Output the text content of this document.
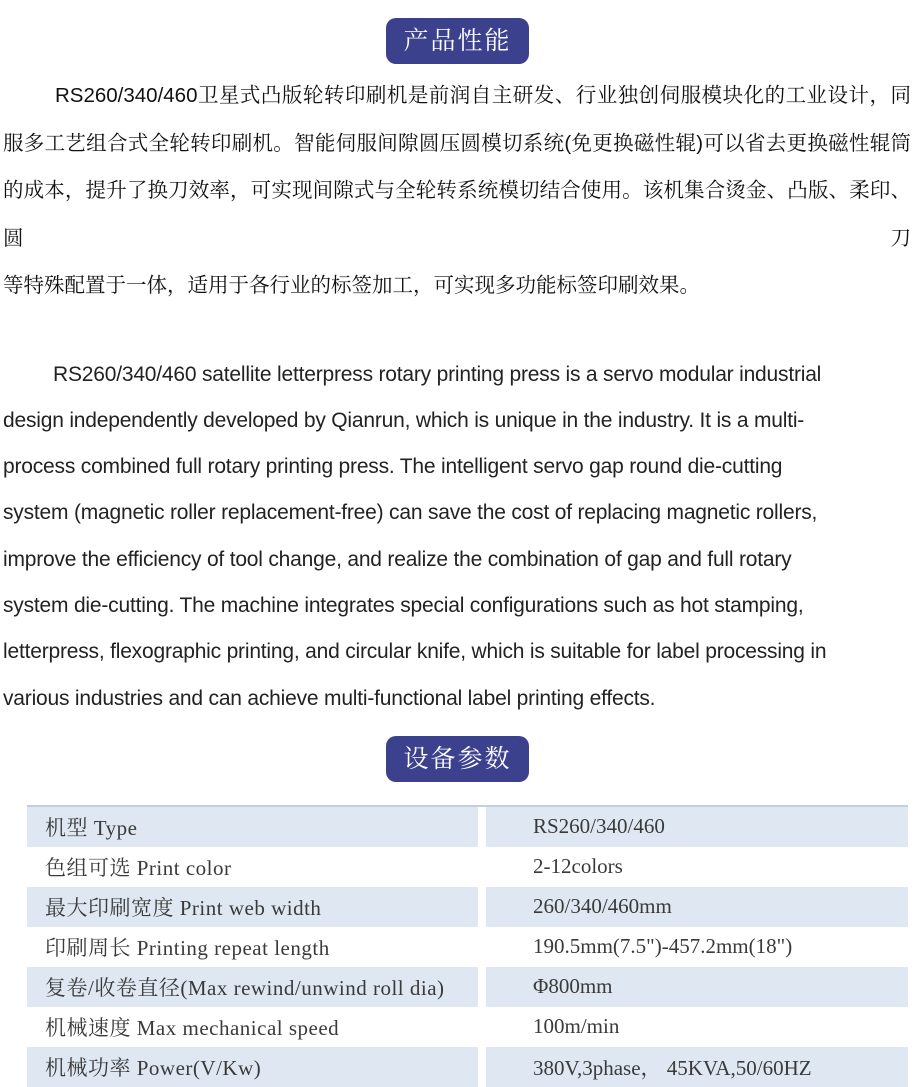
产品性能
RS260/340/460卫星式凸版轮转印刷机是前润自主研发、行业独创伺服模块化的工业设计，同
服多工艺组合式全轮转印刷机。智能伺服间隙圆压圆模切系统(免更换磁性辊)可以省去更换磁性辊筒
的成本，提升了换刀效率，可实现间隙式与全轮转系统模切结合使用。该机集合烫金、凸版、柔印、圆刀
等特殊配置于一体，适用于各行业的标签加工，可实现多功能标签印刷效果。
RS260/340/460 satellite letterpress rotary printing press is a servo modular industrial
design independently developed by Qianrun, which is unique in the industry. It is a multi-
process combined full rotary printing press. The intelligent servo gap round die-cutting
system (magnetic roller replacement-free) can save the cost of replacing magnetic rollers,
improve the efficiency of tool change, and realize the combination of gap and full rotary
system die-cutting. The machine integrates special configurations such as hot stamping,
letterpress, flexographic printing, and circular knife, which is suitable for label processing in
various industries and can achieve multi-functional label printing effects.
设备参数
机型 Type	RS260/340/460
色组可选 Print color	2-12colors
最大印刷宽度 Print web width	260/340/460mm
印刷周长 Printing repeat length	190.5mm(7.5")-457.2mm(18")
复卷/收卷直径(Max rewind/unwind roll dia)	Φ800mm
机械速度 Max mechanical speed	100m/min
机械功率 Power(V/Kw)	380V,3phase， 45KVA,50/60HZ
